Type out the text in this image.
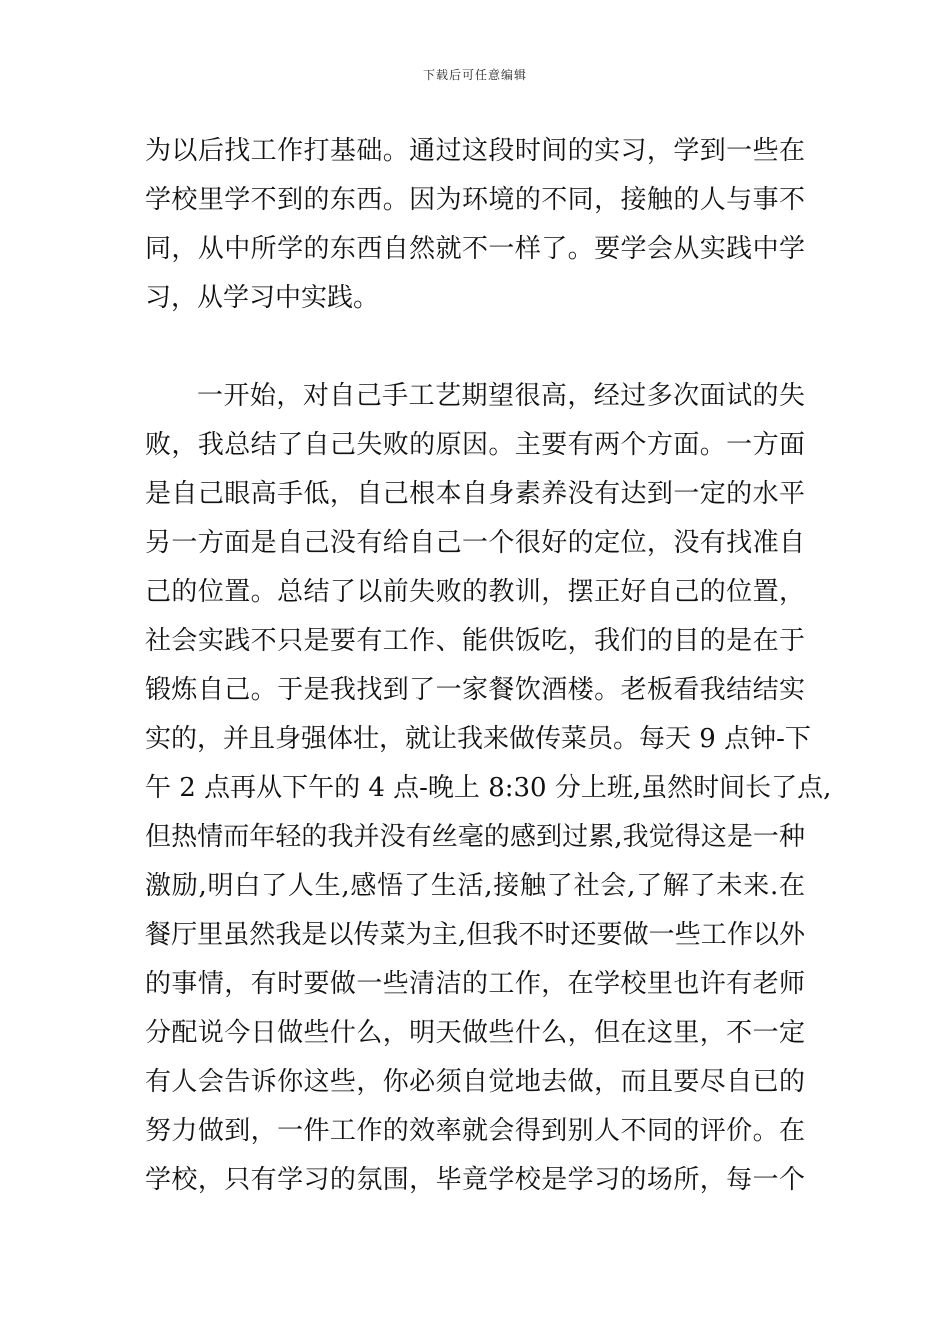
下载后可任意编辑
为以后找工作打基础。通过这段时间的实习，学到一些在
学校里学不到的东西。因为环境的不同，接触的人与事不
同，从中所学的东西自然就不一样了。要学会从实践中学
习，从学习中实践。
一开始，对自己手工艺期望很高，经过多次面试的失
败，我总结了自己失败的原因。主要有两个方面。一方面
是自己眼高手低，自己根本自身素养没有达到一定的水平
另一方面是自己没有给自己一个很好的定位，没有找准自
己的位置。总结了以前失败的教训，摆正好自己的位置，
社会实践不只是要有工作、能供饭吃，我们的目的是在于
锻炼自己。于是我找到了一家餐饮酒楼。老板看我结结实
实的，并且身强体壮，就让我来做传菜员。每天 9 点钟-下
午 2 点再从下午的 4 点-晚上 8:30 分上班,虽然时间长了点,
但热情而年轻的我并没有丝毫的感到过累,我觉得这是一种
激励,明白了人生,感悟了生活,接触了社会,了解了未来.在
餐厅里虽然我是以传菜为主,但我不时还要做一些工作以外
的事情，有时要做一些清洁的工作，在学校里也许有老师
分配说今日做些什么，明天做些什么，但在这里，不一定
有人会告诉你这些，你必须自觉地去做，而且要尽自已的
努力做到，一件工作的效率就会得到别人不同的评价。在
学校，只有学习的氛围，毕竟学校是学习的场所，每一个
